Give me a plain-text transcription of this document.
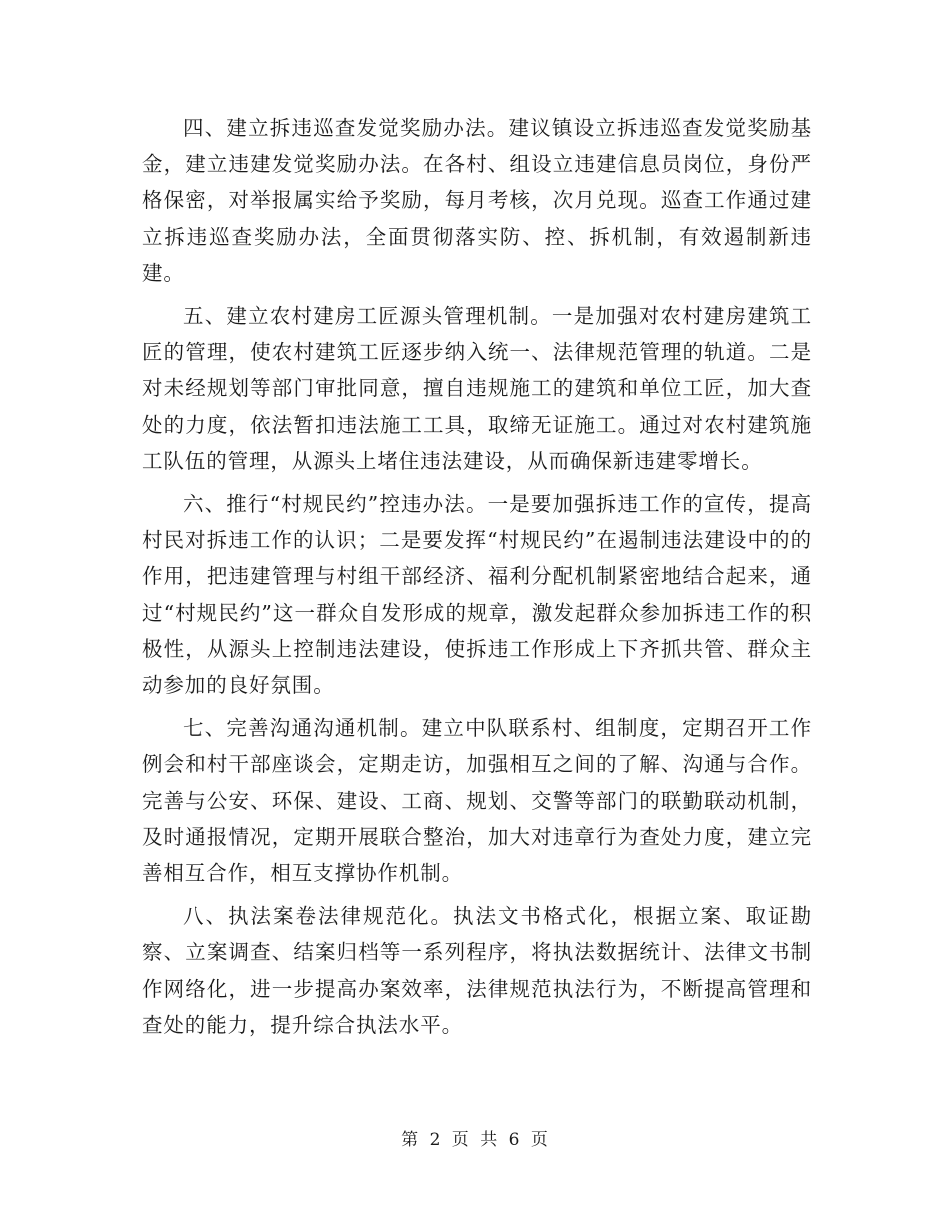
四、建立拆违巡查发觉奖励办法。建议镇设立拆违巡查发觉奖励基金，建立违建发觉奖励办法。在各村、组设立违建信息员岗位，身份严格保密，对举报属实给予奖励，每月考核，次月兑现。巡查工作通过建立拆违巡查奖励办法，全面贯彻落实防、控、拆机制，有效遏制新违建。

五、建立农村建房工匠源头管理机制。一是加强对农村建房建筑工匠的管理，使农村建筑工匠逐步纳入统一、法律规范管理的轨道。二是对未经规划等部门审批同意，擅自违规施工的建筑和单位工匠，加大查处的力度，依法暂扣违法施工工具，取缔无证施工。通过对农村建筑施工队伍的管理，从源头上堵住违法建设，从而确保新违建零增长。

六、推行“村规民约”控违办法。一是要加强拆违工作的宣传，提高村民对拆违工作的认识；二是要发挥“村规民约”在遏制违法建设中的的作用，把违建管理与村组干部经济、福利分配机制紧密地结合起来，通过“村规民约”这一群众自发形成的规章，激发起群众参加拆违工作的积极性，从源头上控制违法建设，使拆违工作形成上下齐抓共管、群众主动参加的良好氛围。

七、完善沟通沟通机制。建立中队联系村、组制度，定期召开工作例会和村干部座谈会，定期走访，加强相互之间的了解、沟通与合作。完善与公安、环保、建设、工商、规划、交警等部门的联勤联动机制，及时通报情况，定期开展联合整治，加大对违章行为查处力度，建立完善相互合作，相互支撑协作机制。

八、执法案卷法律规范化。执法文书格式化，根据立案、取证勘察、立案调查、结案归档等一系列程序，将执法数据统计、法律文书制作网络化，进一步提高办案效率，法律规范执法行为，不断提高管理和查处的能力，提升综合执法水平。

第 2 页 共 6 页
